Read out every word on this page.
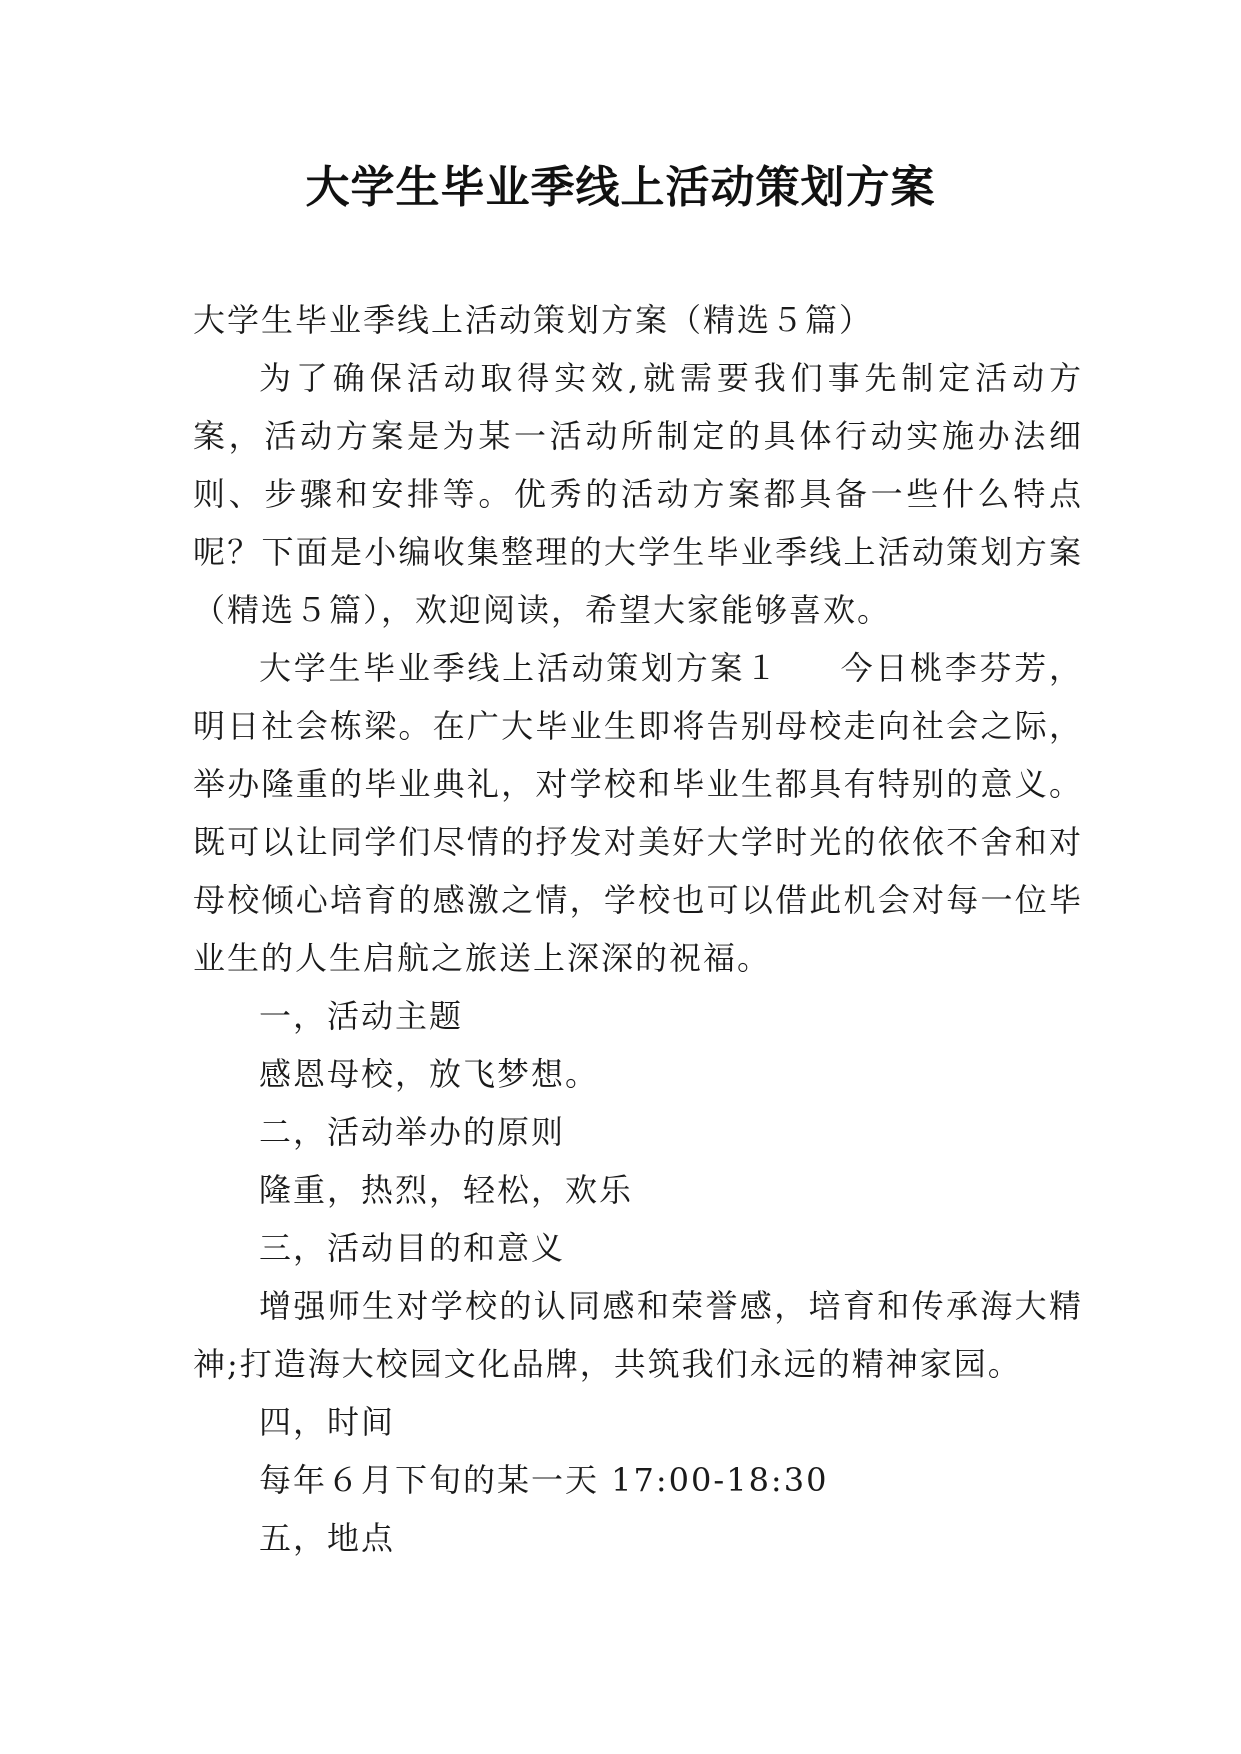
大学生毕业季线上活动策划方案

大学生毕业季线上活动策划方案（精选５篇）

为了确保活动取得实效,就需要我们事先制定活动方案，活动方案是为某一活动所制定的具体行动实施办法细则、步骤和安排等。优秀的活动方案都具备一些什么特点呢？下面是小编收集整理的大学生毕业季线上活动策划方案（精选５篇），欢迎阅读，希望大家能够喜欢。

大学生毕业季线上活动策划方案１ 今日桃李芬芳，明日社会栋梁。在广大毕业生即将告别母校走向社会之际，举办隆重的毕业典礼，对学校和毕业生都具有特别的意义。既可以让同学们尽情的抒发对美好大学时光的依依不舍和对母校倾心培育的感激之情，学校也可以借此机会对每一位毕业生的人生启航之旅送上深深的祝福。

一，活动主题

感恩母校，放飞梦想。

二，活动举办的原则

隆重，热烈，轻松，欢乐

三，活动目的和意义

增强师生对学校的认同感和荣誉感，培育和传承海大精神;打造海大校园文化品牌，共筑我们永远的精神家园。

四，时间

每年６月下旬的某一天 17:00-18:30

五，地点
